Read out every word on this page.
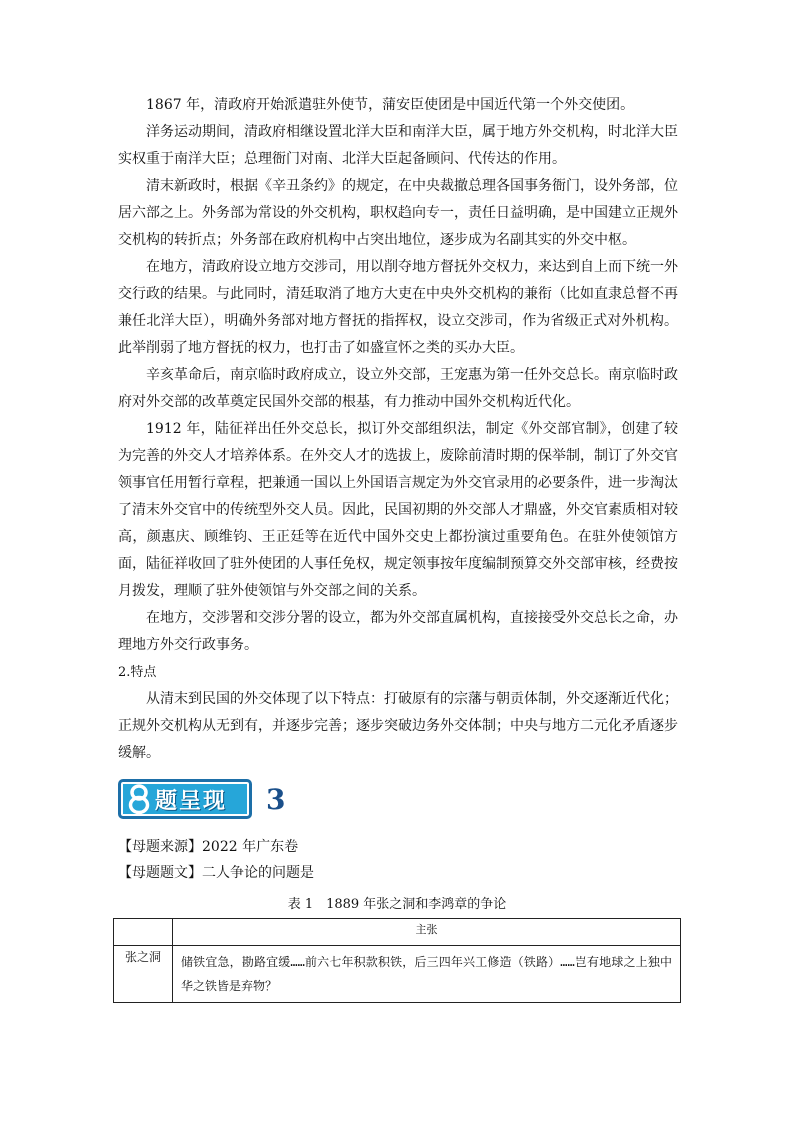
1867 年，清政府开始派遣驻外使节，蒲安臣使团是中国近代第一个外交使团。

洋务运动期间，清政府相继设置北洋大臣和南洋大臣，属于地方外交机构，时北洋大臣实权重于南洋大臣；总理衙门对南、北洋大臣起备顾问、代传达的作用。

清末新政时，根据《辛丑条约》的规定，在中央裁撤总理各国事务衙门，设外务部，位居六部之上。外务部为常设的外交机构，职权趋向专一，责任日益明确，是中国建立正规外交机构的转折点；外务部在政府机构中占突出地位，逐步成为名副其实的外交中枢。

在地方，清政府设立地方交涉司，用以削夺地方督抚外交权力，来达到自上而下统一外交行政的结果。与此同时，清廷取消了地方大吏在中央外交机构的兼衔（比如直隶总督不再兼任北洋大臣），明确外务部对地方督抚的指挥权，设立交涉司，作为省级正式对外机构。此举削弱了地方督抚的权力，也打击了如盛宣怀之类的买办大臣。

辛亥革命后，南京临时政府成立，设立外交部，王宠惠为第一任外交总长。南京临时政府对外交部的改革奠定民国外交部的根基，有力推动中国外交机构近代化。

1912 年，陆征祥出任外交总长，拟订外交部组织法，制定《外交部官制》，创建了较为完善的外交人才培养体系。在外交人才的选拔上，废除前清时期的保举制，制订了外交官领事官任用暂行章程，把兼通一国以上外国语言规定为外交官录用的必要条件，进一步淘汰了清末外交官中的传统型外交人员。因此，民国初期的外交部人才鼎盛，外交官素质相对较高，颜惠庆、顾维钧、王正廷等在近代中国外交史上都扮演过重要角色。在驻外使领馆方面，陆征祥收回了驻外使团的人事任免权，规定领事按年度编制预算交外交部审核，经费按月拨发，理顺了驻外使领馆与外交部之间的关系。

在地方，交涉署和交涉分署的设立，都为外交部直属机构，直接接受外交总长之命，办理地方外交行政事务。

2.特点

从清末到民国的外交体现了以下特点：打破原有的宗藩与朝贡体制，外交逐渐近代化；正规外交机构从无到有，并逐步完善；逐步突破边务外交体制；中央与地方二元化矛盾逐步缓解。

题呈现 3

【母题来源】2022 年广东卷

【母题题文】二人争论的问题是

表 1　1889 年张之洞和李鸿章的争论

	主张
张之洞	储铁宜急，勘路宜缓……前六七年积款积铁，后三四年兴工修造（铁路）……岂有地球之上独中华之铁皆是弃物？
